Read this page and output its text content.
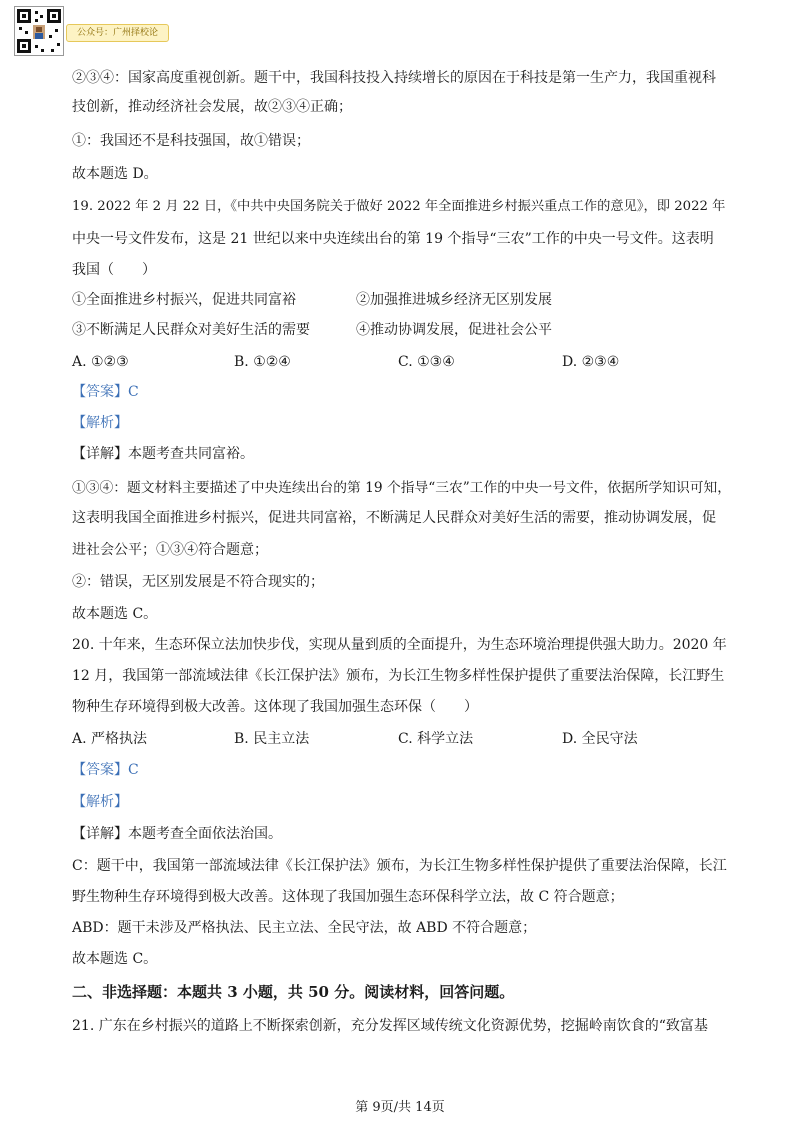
公众号：广州择校论
②③④：国家高度重视创新。题干中，我国科技投入持续增长的原因在于科技是第一生产力，我国重视科
技创新，推动经济社会发展，故②③④正确；
①：我国还不是科技强国，故①错误；
故本题选 D。
19. 2022 年 2 月 22 日，《中共中央国务院关于做好 2022 年全面推进乡村振兴重点工作的意见》，即 2022 年
中央一号文件发布，这是 21 世纪以来中央连续出台的第 19 个指导“三农”工作的中央一号文件。这表明
我国（　　）
①全面推进乡村振兴，促进共同富裕	②加强推进城乡经济无区别发展
③不断满足人民群众对美好生活的需要	④推动协调发展，促进社会公平
A. ①②③	B. ①②④	C. ①③④	D. ②③④
【答案】C
【解析】
【详解】本题考查共同富裕。
①③④：题文材料主要描述了中央连续出台的第 19 个指导“三农”工作的中央一号文件，依据所学知识可知，
这表明我国全面推进乡村振兴，促进共同富裕，不断满足人民群众对美好生活的需要，推动协调发展，促
进社会公平；①③④符合题意；
②：错误，无区别发展是不符合现实的；
故本题选 C。
20. 十年来，生态环保立法加快步伐，实现从量到质的全面提升，为生态环境治理提供强大助力。2020 年
12 月，我国第一部流域法律《长江保护法》颁布，为长江生物多样性保护提供了重要法治保障，长江野生
物种生存环境得到极大改善。这体现了我国加强生态环保（　　）
A. 严格执法	B. 民主立法	C. 科学立法	D. 全民守法
【答案】C
【解析】
【详解】本题考查全面依法治国。
C：题干中，我国第一部流域法律《长江保护法》颁布，为长江生物多样性保护提供了重要法治保障，长江
野生物种生存环境得到极大改善。这体现了我国加强生态环保科学立法，故 C 符合题意；
ABD：题干未涉及严格执法、民主立法、全民守法，故 ABD 不符合题意；
故本题选 C。
二、非选择题：本题共 3 小题，共 50 分。阅读材料，回答问题。
21. 广东在乡村振兴的道路上不断探索创新，充分发挥区域传统文化资源优势，挖掘岭南饮食的“致富基
第 9页/共 14页
